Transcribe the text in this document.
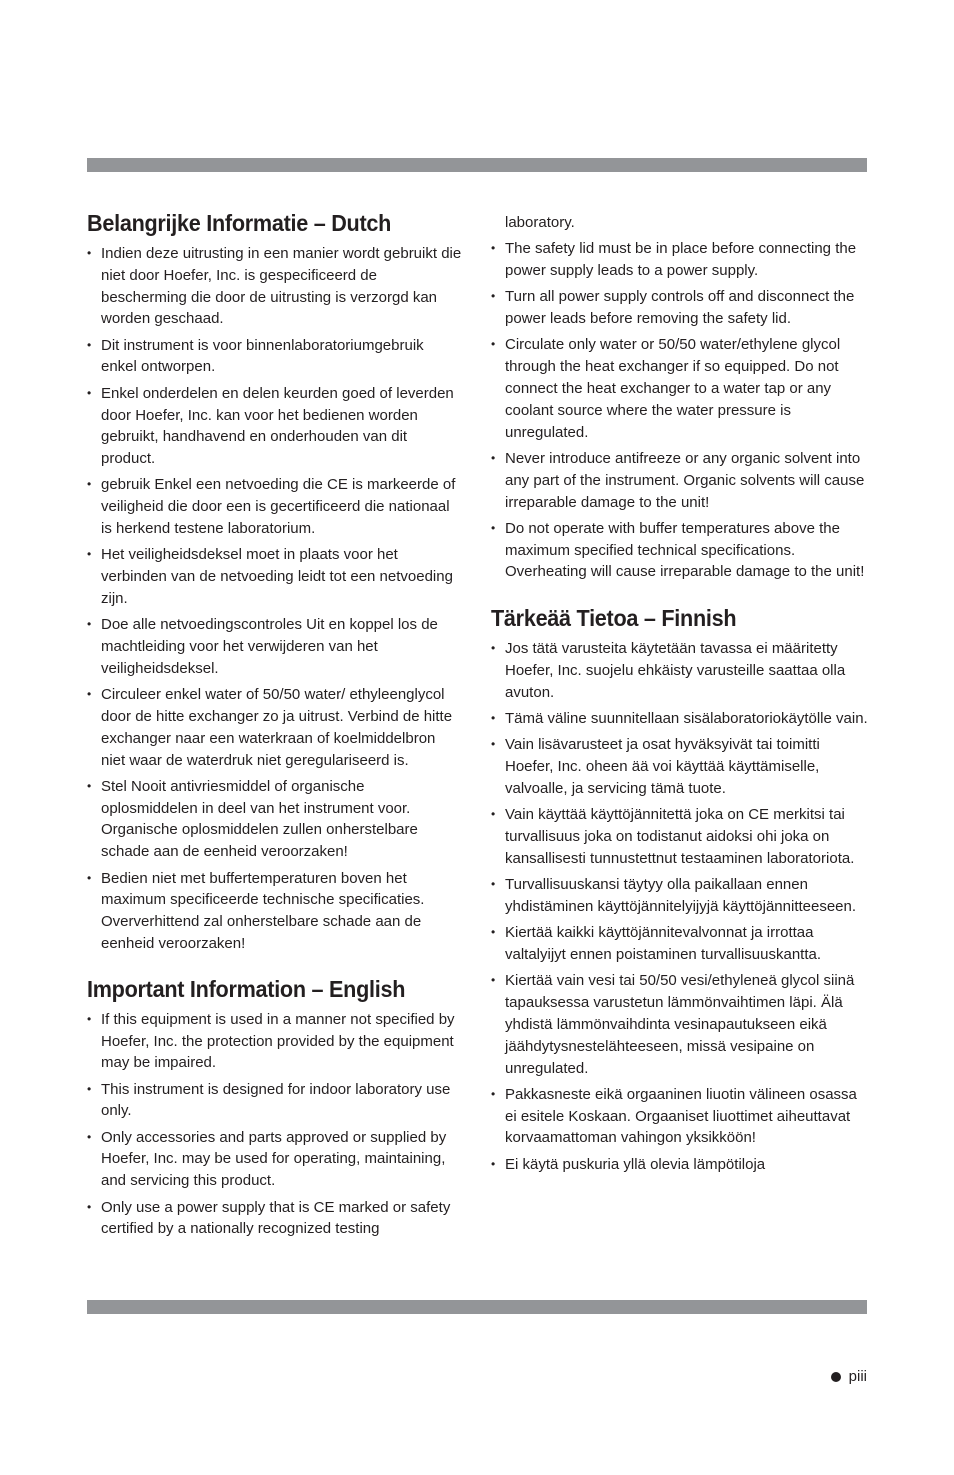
Belangrijke Informatie – Dutch
• Indien deze uitrusting in een manier wordt gebruikt die niet door Hoefer, Inc. is gespecificeerd de bescherming die door de uitrusting is verzorgd kan worden geschaad.
• Dit instrument is voor binnenlaboratoriumgebruik enkel ontworpen.
• Enkel onderdelen en delen keurden goed of leverden door Hoefer, Inc. kan voor het bedienen worden gebruikt, handhavend en onderhouden van dit product.
• gebruik Enkel een netvoeding die CE is markeerde of veiligheid die door een is gecertificeerd die nationaal is herkend testene laboratorium.
• Het veiligheidsdeksel moet in plaats voor het verbinden van de netvoeding leidt tot een netvoeding zijn.
• Doe alle netvoedingscontroles Uit en koppel los de machtleiding voor het verwijderen van het veiligheidsdeksel.
• Circuleer enkel water of 50/50 water/ ethyleenglycol door de hitte exchanger zo ja uitrust. Verbind de hitte exchanger naar een waterkraan of koelmiddelbron niet waar de waterdruk niet geregulariseerd is.
• Stel Nooit antivriesmiddel of organische oplosmiddelen in deel van het instrument voor. Organische oplosmiddelen zullen onherstelbare schade aan de eenheid veroorzaken!
• Bedien niet met buffertemperaturen boven het maximum specificeerde technische specificaties. Oververhittend zal onherstelbare schade aan de eenheid veroorzaken!
Important Information – English
• If this equipment is used in a manner not specified by Hoefer, Inc. the protection provided by the equipment may be impaired.
• This instrument is designed for indoor laboratory use only.
• Only accessories and parts approved or supplied by Hoefer, Inc. may be used for operating, maintaining, and servicing this product.
• Only use a power supply that is CE marked or safety certified by a nationally recognized testing
laboratory.
• The safety lid must be in place before connecting the power supply leads to a power supply.
• Turn all power supply controls off and disconnect the power leads before removing the safety lid.
• Circulate only water or 50/50 water/ethylene glycol through the heat exchanger if so equipped. Do not connect the heat exchanger to a water tap or any coolant source where the water pressure is unregulated.
• Never introduce antifreeze or any organic solvent into any part of the instrument. Organic solvents will cause irreparable damage to the unit!
• Do not operate with buffer temperatures above the maximum specified technical specifications. Overheating will cause irreparable damage to the unit!
Tärkeää Tietoa – Finnish
• Jos tätä varusteita käytetään tavassa ei määritetty Hoefer, Inc. suojelu ehkäisty varusteille saattaa olla avuton.
• Tämä väline suunnitellaan sisälaboratoriokäytölle vain.
• Vain lisävarusteet ja osat hyväksyivät tai toimitti Hoefer, Inc. oheen ää voi käyttää käyttämiselle, valvoalle, ja servicing tämä tuote.
• Vain käyttää käyttöjännitettä joka on CE merkitsi tai turvallisuus joka on todistanut aidoksi ohi joka on kansallisesti tunnustettnut testaaminen laboratoriota.
• Turvallisuuskansi täytyy olla paikallaan ennen yhdistäminen käyttöjännitelyijyjä käyttöjännitteeseen.
• Kiertää kaikki käyttöjännitevalvonnat ja irrottaa valtalyijyt ennen poistaminen turvallisuuskantta.
• Kiertää vain vesi tai 50/50 vesi/ethyleneä glycol siinä tapauksessa varustetun lämmönvaihtimen läpi. Älä yhdistä lämmönvaihdinta vesinapautukseen eikä jäähdytysnestelähteeseen, missä vesipaine on unregulated.
• Pakkasneste eikä orgaaninen liuotin välineen osassa ei esitele Koskaan. Orgaaniset liuottimet aiheuttavat korvaamattoman vahingon yksikköön!
• Ei käytä puskuria yllä olevia lämpötiloja
piii
